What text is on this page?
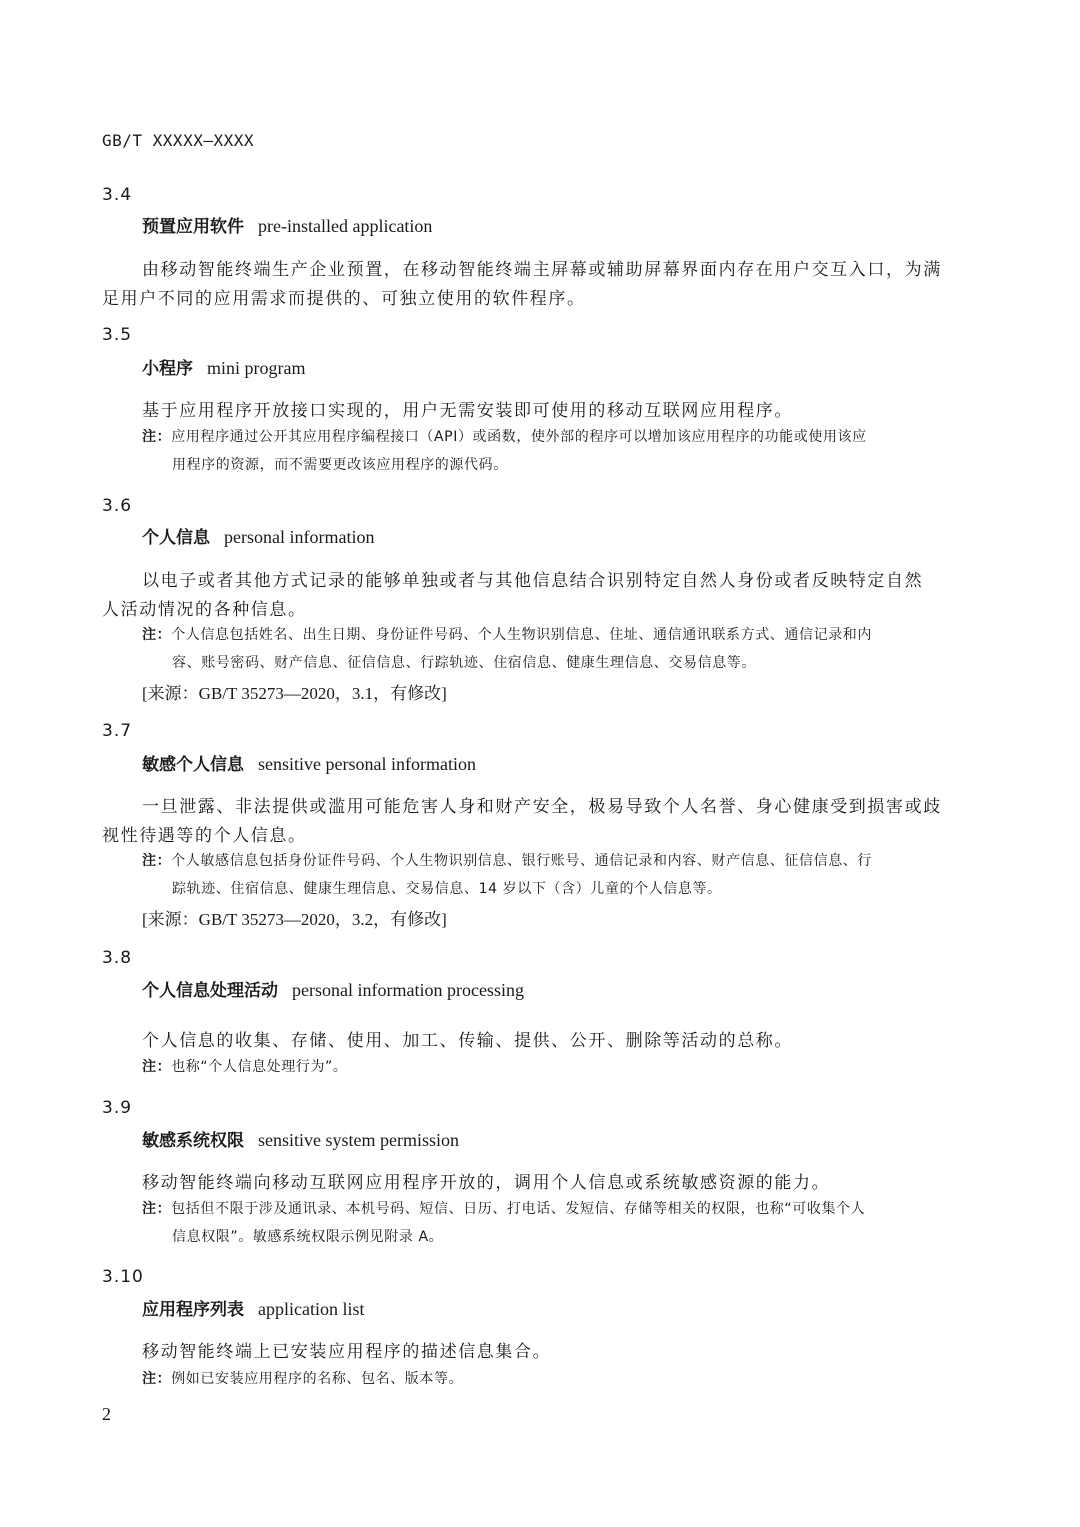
GB/T XXXXX—XXXX
3.4
预置应用软件 pre-installed application
由移动智能终端生产企业预置，在移动智能终端主屏幕或辅助屏幕界面内存在用户交互入口，为满
足用户不同的应用需求而提供的、可独立使用的软件程序。
3.5
小程序 mini program
基于应用程序开放接口实现的，用户无需安装即可使用的移动互联网应用程序。
注：应用程序通过公开其应用程序编程接口（API）或函数，使外部的程序可以增加该应用程序的功能或使用该应
用程序的资源，而不需要更改该应用程序的源代码。
3.6
个人信息 personal information
以电子或者其他方式记录的能够单独或者与其他信息结合识别特定自然人身份或者反映特定自然
人活动情况的各种信息。
注：个人信息包括姓名、出生日期、身份证件号码、个人生物识别信息、住址、通信通讯联系方式、通信记录和内
容、账号密码、财产信息、征信信息、行踪轨迹、住宿信息、健康生理信息、交易信息等。
[来源：GB/T 35273—2020，3.1，有修改]
3.7
敏感个人信息 sensitive personal information
一旦泄露、非法提供或滥用可能危害人身和财产安全，极易导致个人名誉、身心健康受到损害或歧
视性待遇等的个人信息。
注：个人敏感信息包括身份证件号码、个人生物识别信息、银行账号、通信记录和内容、财产信息、征信信息、行
踪轨迹、住宿信息、健康生理信息、交易信息、14 岁以下（含）儿童的个人信息等。
[来源：GB/T 35273—2020，3.2，有修改]
3.8
个人信息处理活动 personal information processing
个人信息的收集、存储、使用、加工、传输、提供、公开、删除等活动的总称。
注：也称“个人信息处理行为”。
3.9
敏感系统权限 sensitive system permission
移动智能终端向移动互联网应用程序开放的，调用个人信息或系统敏感资源的能力。
注：包括但不限于涉及通讯录、本机号码、短信、日历、打电话、发短信、存储等相关的权限，也称“可收集个人
信息权限”。敏感系统权限示例见附录 A。
3.10
应用程序列表 application list
移动智能终端上已安装应用程序的描述信息集合。
注：例如已安装应用程序的名称、包名、版本等。
2
